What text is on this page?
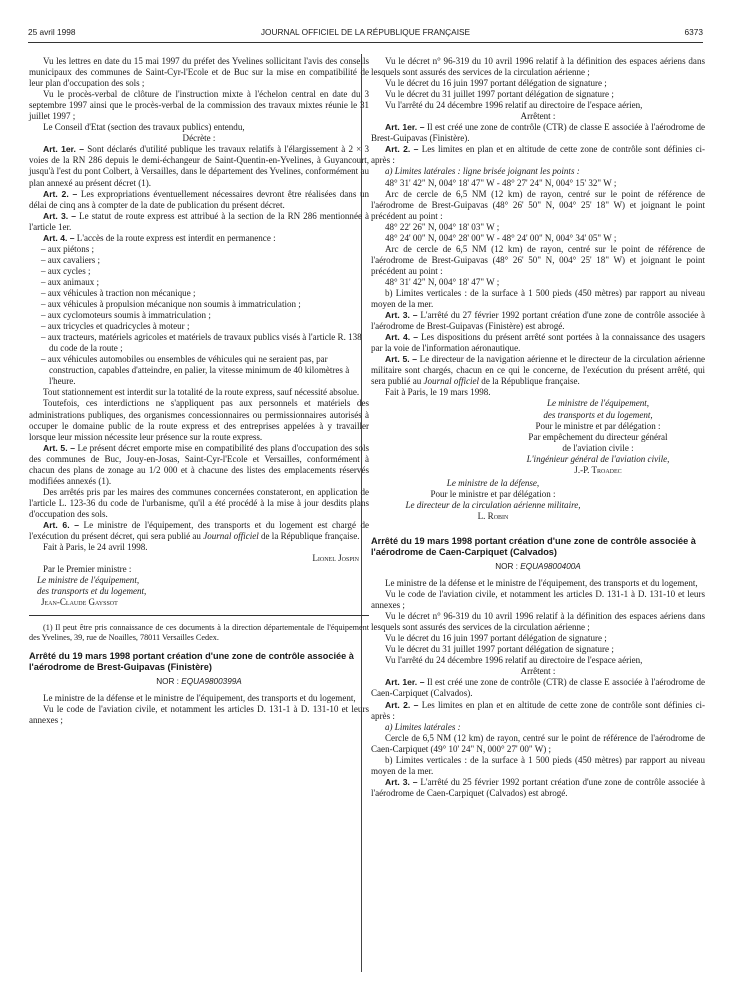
25 avril 1998	JOURNAL OFFICIEL DE LA RÉPUBLIQUE FRANÇAISE	6373

Vu les lettres en date du 15 mai 1997 du préfet des Yvelines sollicitant l'avis des conseils municipaux des communes de Saint-Cyr-l'Ecole et de Buc sur la mise en compatibilité de leur plan d'occupation des sols ;

Vu le procès-verbal de clôture de l'instruction mixte à l'échelon central en date du 3 septembre 1997 ainsi que le procès-verbal de la commission des travaux mixtes réunie le 31 juillet 1997 ;

Le Conseil d'Etat (section des travaux publics) entendu,

Décrète :

Art. 1er. – Sont déclarés d'utilité publique les travaux relatifs à l'élargissement à 2 × 3 voies de la RN 286 depuis le demi-échangeur de Saint-Quentin-en-Yvelines, à Guyancourt, jusqu'à l'est du pont Colbert, à Versailles, dans le département des Yvelines, conformément au plan annexé au présent décret (1).

Art. 2. – Les expropriations éventuellement nécessaires devront être réalisées dans un délai de cinq ans à compter de la date de publication du présent décret.

Art. 3. – Le statut de route express est attribué à la section de la RN 286 mentionnée à l'article 1er.

Art. 4. – L'accès de la route express est interdit en permanence :

– aux piétons ;

– aux cavaliers ;

– aux cycles ;

– aux animaux ;

– aux véhicules à traction non mécanique ;

– aux véhicules à propulsion mécanique non soumis à immatriculation ;

– aux cyclomoteurs soumis à immatriculation ;

– aux tricycles et quadricycles à moteur ;

– aux tracteurs, matériels agricoles et matériels de travaux publics visés à l'article R. 138 du code de la route ;

– aux véhicules automobiles ou ensembles de véhicules qui ne seraient pas, par construction, capables d'atteindre, en palier, la vitesse minimum de 40 kilomètres à l'heure.

Tout stationnement est interdit sur la totalité de la route express, sauf nécessité absolue.

Toutefois, ces interdictions ne s'appliquent pas aux personnels et matériels des administrations publiques, des organismes concessionnaires ou permissionnaires autorisés à occuper le domaine public de la route express et des entreprises appelées à y travailler lorsque leur mission nécessite leur présence sur la route express.

Art. 5. – Le présent décret emporte mise en compatibilité des plans d'occupation des sols des communes de Buc, Jouy-en-Josas, Saint-Cyr-l'Ecole et Versailles, conformément à chacun des plans de zonage au 1/2 000 et à chacune des listes des emplacements réservés modifiées annexés (1).

Des arrêtés pris par les maires des communes concernées constateront, en application de l'article L. 123-36 du code de l'urbanisme, qu'il a été procédé à la mise à jour desdits plans d'occupation des sols.

Art. 6. – Le ministre de l'équipement, des transports et du logement est chargé de l'exécution du présent décret, qui sera publié au Journal officiel de la République française.

Fait à Paris, le 24 avril 1998.

Lionel Jospin

Par le Premier ministre :

Le ministre de l'équipement,

des transports et du logement,

Jean-Claude Gayssot

(1) Il peut être pris connaissance de ces documents à la direction départementale de l'équipement des Yvelines, 39, rue de Noailles, 78011 Versailles Cedex.

Arrêté du 19 mars 1998 portant création d'une zone de contrôle associée à l'aérodrome de Brest-Guipavas (Finistère)

NOR : EQUA9800399A

Le ministre de la défense et le ministre de l'équipement, des transports et du logement,

Vu le code de l'aviation civile, et notamment les articles D. 131-1 à D. 131-10 et leurs annexes ;

Vu le décret n° 96-319 du 10 avril 1996 relatif à la définition des espaces aériens dans lesquels sont assurés des services de la circulation aérienne ;

Vu le décret du 16 juin 1997 portant délégation de signature ;

Vu le décret du 31 juillet 1997 portant délégation de signature ;

Vu l'arrêté du 24 décembre 1996 relatif au directoire de l'espace aérien,

Arrêtent :

Art. 1er. – Il est créé une zone de contrôle (CTR) de classe E associée à l'aérodrome de Brest-Guipavas (Finistère).

Art. 2. – Les limites en plan et en altitude de cette zone de contrôle sont définies ci-après :

a) Limites latérales : ligne brisée joignant les points :

48° 31' 42" N, 004° 18' 47" W - 48° 27' 24" N, 004° 15' 32" W ;

Arc de cercle de 6,5 NM (12 km) de rayon, centré sur le point de référence de l'aérodrome de Brest-Guipavas (48° 26' 50" N, 004° 25' 18" W) et joignant le point précédent au point :

48° 22' 26" N, 004° 18' 03" W ;

48° 24' 00" N, 004° 28' 00" W - 48° 24' 00" N, 004° 34' 05" W ;

Arc de cercle de 6,5 NM (12 km) de rayon, centré sur le point de référence de l'aérodrome de Brest-Guipavas (48° 26' 50" N, 004° 25' 18" W) et joignant le point précédent au point :

48° 31' 42" N, 004° 18' 47" W ;

b) Limites verticales : de la surface à 1 500 pieds (450 mètres) par rapport au niveau moyen de la mer.

Art. 3. – L'arrêté du 27 février 1992 portant création d'une zone de contrôle associée à l'aérodrome de Brest-Guipavas (Finistère) est abrogé.

Art. 4. – Les dispositions du présent arrêté sont portées à la connaissance des usagers par la voie de l'information aéronautique.

Art. 5. – Le directeur de la navigation aérienne et le directeur de la circulation aérienne militaire sont chargés, chacun en ce qui le concerne, de l'exécution du présent arrêté, qui sera publié au Journal officiel de la République française.

Fait à Paris, le 19 mars 1998.

Le ministre de l'équipement,
des transports et du logement,
Pour le ministre et par délégation :
Par empêchement du directeur général
de l'aviation civile :
L'ingénieur général de l'aviation civile,
J.-P. Troadec
Le ministre de la défense,
Pour le ministre et par délégation :
Le directeur de la circulation aérienne militaire,
L. Robin

Arrêté du 19 mars 1998 portant création d'une zone de contrôle associée à l'aérodrome de Caen-Carpiquet (Calvados)

NOR : EQUA9800400A

Le ministre de la défense et le ministre de l'équipement, des transports et du logement,

Vu le code de l'aviation civile, et notamment les articles D. 131-1 à D. 131-10 et leurs annexes ;

Vu le décret n° 96-319 du 10 avril 1996 relatif à la définition des espaces aériens dans lesquels sont assurés des services de la circulation aérienne ;

Vu le décret du 16 juin 1997 portant délégation de signature ;

Vu le décret du 31 juillet 1997 portant délégation de signature ;

Vu l'arrêté du 24 décembre 1996 relatif au directoire de l'espace aérien,

Arrêtent :

Art. 1er. – Il est créé une zone de contrôle (CTR) de classe E associée à l'aérodrome de Caen-Carpiquet (Calvados).

Art. 2. – Les limites en plan et en altitude de cette zone de contrôle sont définies ci-après :

a) Limites latérales :

Cercle de 6,5 NM (12 km) de rayon, centré sur le point de référence de l'aérodrome de Caen-Carpiquet (49° 10' 24" N, 000° 27' 00" W) ;

b) Limites verticales : de la surface à 1 500 pieds (450 mètres) par rapport au niveau moyen de la mer.

Art. 3. – L'arrêté du 25 février 1992 portant création d'une zone de contrôle associée à l'aérodrome de Caen-Carpiquet (Calvados) est abrogé.
